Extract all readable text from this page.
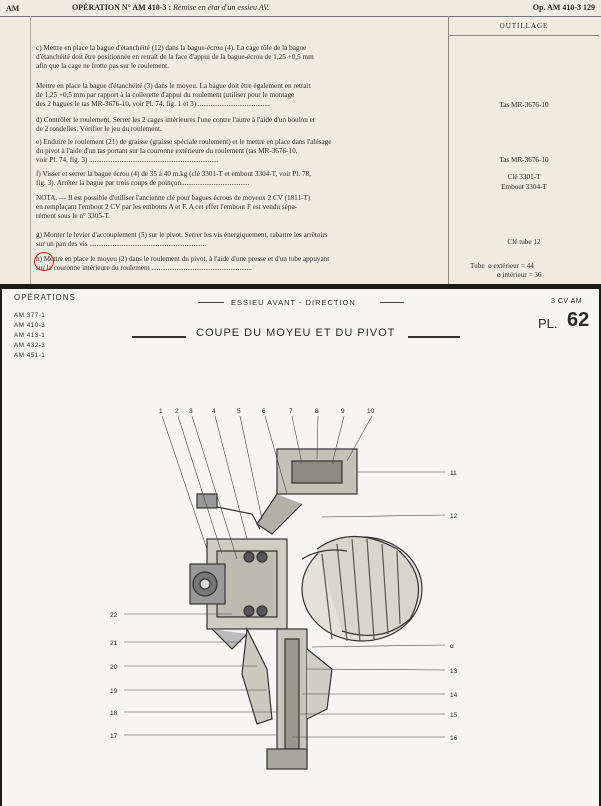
AM	OPÉRATION N° AM 410-3 : Remise en état d'un essieu AV.	Op. AM 410-3 129
OUTILLAGE
c) Mettre en place la bague d'étanchéité (12) dans la bague-écrou (4). La cage tôle de la bague
d'étanchéité doit être positionnée en retrait de la face d'appui de la bague-écrou de 1,25 +0,5 mm
afin que la cage ne frotte pas sur le roulement.
Mettre en place la bague d'étanchéité (3) dans le moyeu. La bague doit être également en retrait
de 1,25 +0,5 mm par rapport à la collerette d'appui du roulement (utiliser pour le montage
des 2 bagues le tas MR-3676-10, voir Pl. 74, fig. 1 et 3) ........................................
d) Contrôler le roulement. Serrer les 2 cages intérieures l'une contre l'autre à l'aide d'un boulon et
de 2 rondelles. Vérifier le jeu du roulement.
e) Enduire le roulement (21) de graisse (graisse spéciale roulement) et le mettre en place dans l'alésage
du pivot à l'aide d'un tas portant sur la couronne extérieure du roulement (tas MR-3676-10,
voir Pl. 74, fig. 3) ........................................................................
f) Visser et serrer la bague écrou (4) de 35 à 40 m.kg (clé 3301-T et embout 3304-T, voir Pl. 78,
fig. 3). Arrêter la bague par trois coups de poinçon......................................
NOTA. — Il est possible d'utiliser l'ancienne clé pour bagues écrous de moyeux 2 CV (1811-T)
en remplaçant l'embout 2 CV par les embouts A et F. A cet effet l'embout F est vendu sépa-
rément sous le n° 3305-T.
g) Monter le levier d'accouplement (5) sur le pivot. Serrer les vis énergiquement, rabattre les arrêtoirs
sur un pan des vis .................................................................
h) Mettre en place le moyeu (2) dans le roulement du pivot, à l'aide d'une presse et d'un tube appuyant
sur la couronne intérieure du roulement ........................................................
Tas MR-3676-10
Tas MR-3676-10
Clé 3301-T
Embout 3304-T
Clé tube 12
Tube ø extérieur = 44
ø intérieur = 36
OPÉRATIONS
AM 377-1
AM 410-3
AM 413-1
AM 432-3
AM 451-1
ESSIEU AVANT - DIRECTION	3 CV AM
COUPE DU MOYEU ET DU PIVOT
PL. 62
1 2 3	4	5	6	7	8	9	10
11
12
α
13
14
15
16
22
21
20
19
18
17
